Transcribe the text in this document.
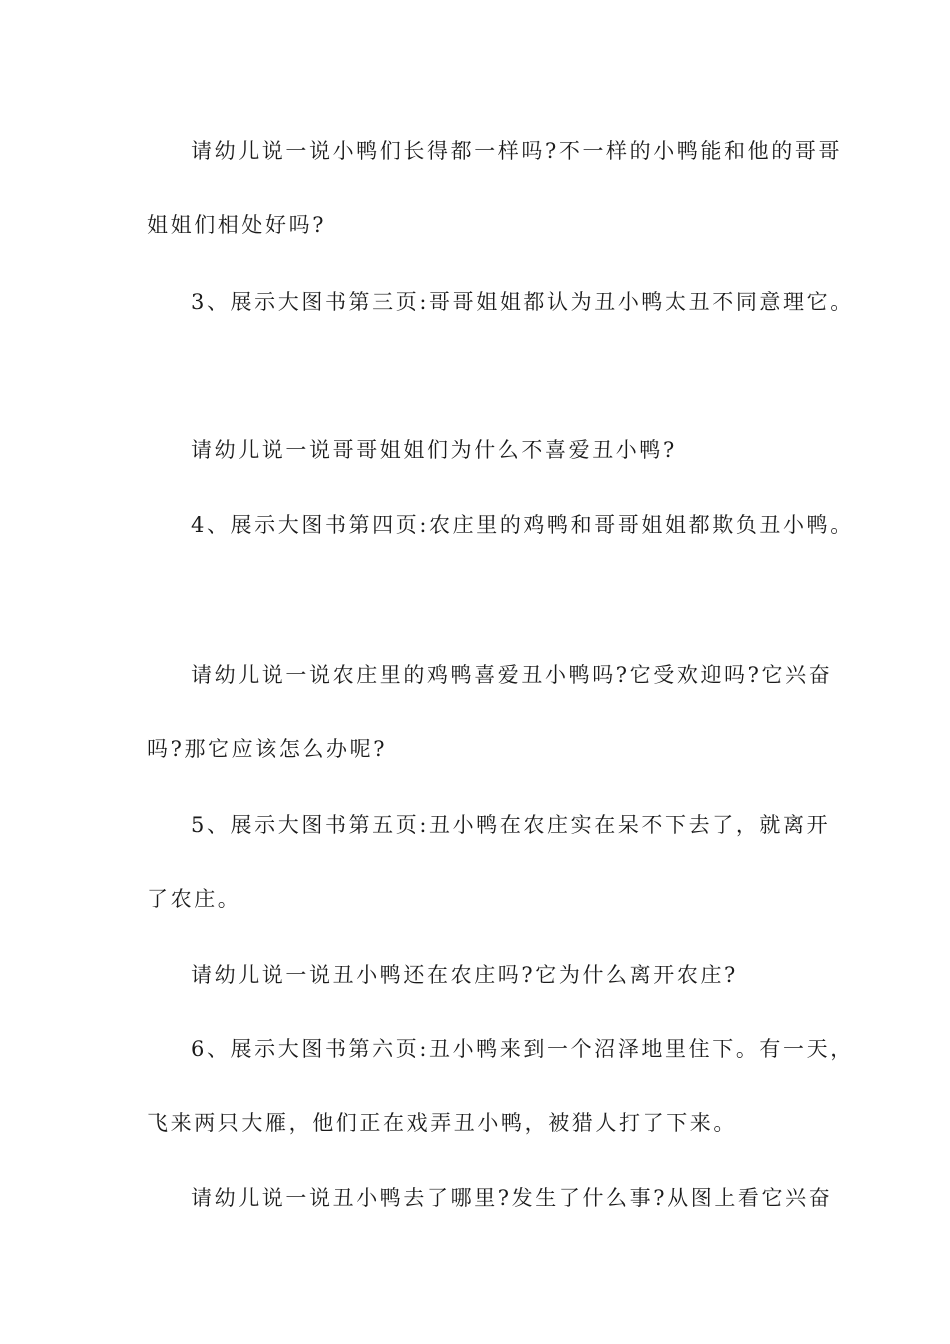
请幼儿说一说小鸭们长得都一样吗?不一样的小鸭能和他的哥哥
姐姐们相处好吗?
3、展示大图书第三页:哥哥姐姐都认为丑小鸭太丑不同意理它。
请幼儿说一说哥哥姐姐们为什么不喜爱丑小鸭?
4、展示大图书第四页:农庄里的鸡鸭和哥哥姐姐都欺负丑小鸭。
请幼儿说一说农庄里的鸡鸭喜爱丑小鸭吗?它受欢迎吗?它兴奋
吗?那它应该怎么办呢?
5、展示大图书第五页:丑小鸭在农庄实在呆不下去了，就离开
了农庄。
请幼儿说一说丑小鸭还在农庄吗?它为什么离开农庄?
6、展示大图书第六页:丑小鸭来到一个沼泽地里住下。有一天，
飞来两只大雁，他们正在戏弄丑小鸭，被猎人打了下来。
请幼儿说一说丑小鸭去了哪里?发生了什么事?从图上看它兴奋
